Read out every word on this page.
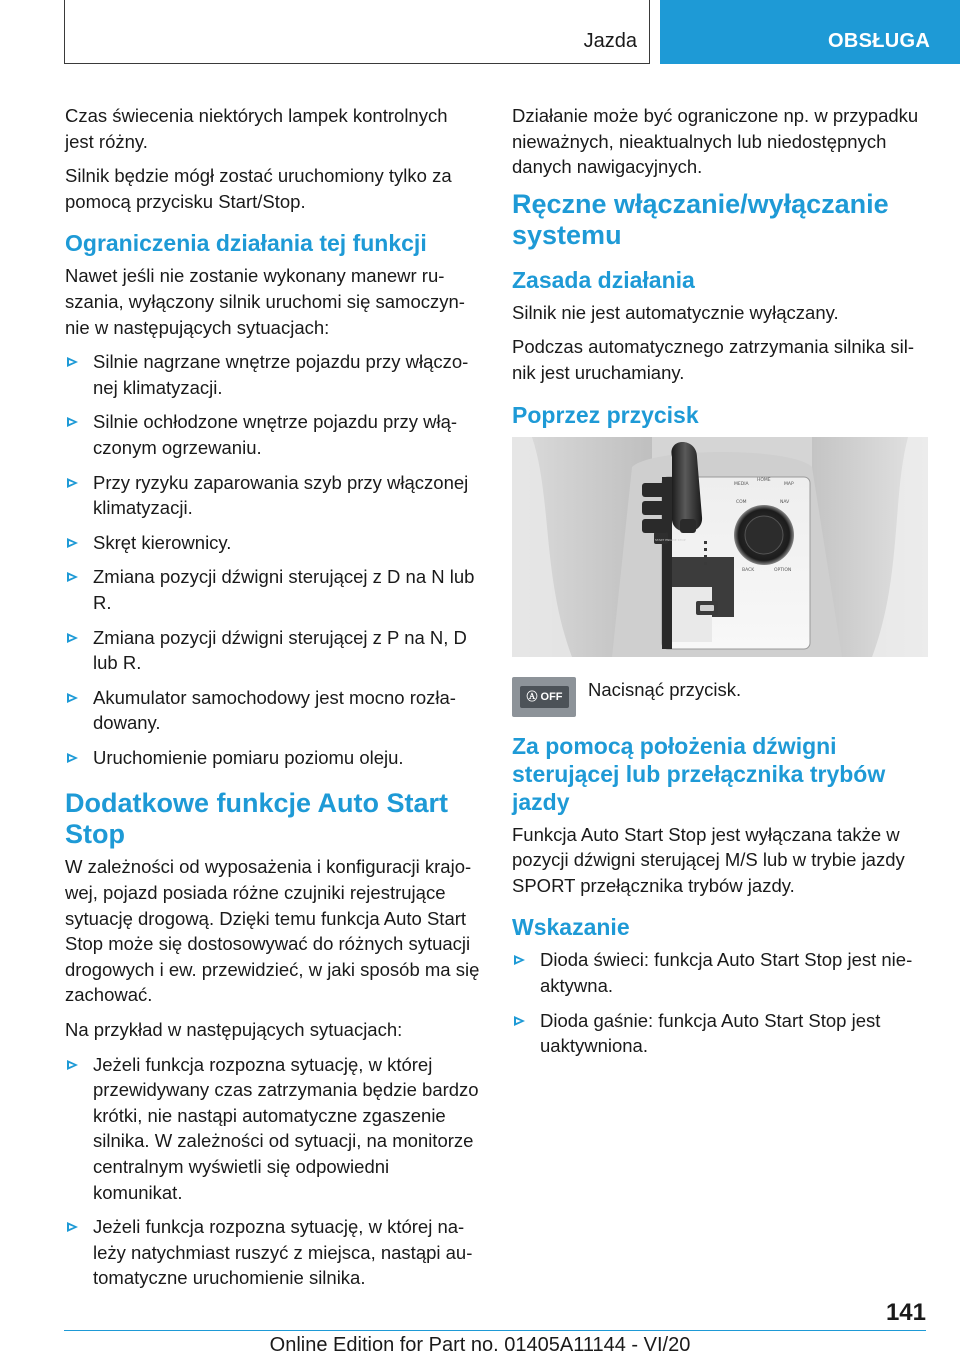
Jazda	OBSŁUGA

Czas świecenia niektórych lampek kontrolnych jest różny.

Silnik będzie mógł zostać uruchomiony tylko za pomocą przycisku Start/Stop.

Ograniczenia działania tej funkcji

Nawet jeśli nie zostanie wykonany manewr ruszania, wyłączony silnik uruchomi się samoczynnie w następujących sytuacjach:

Silnie nagrzane wnętrze pojazdu przy włączonej klimatyzacji.
Silnie ochłodzone wnętrze pojazdu przy włączonym ogrzewaniu.
Przy ryzyku zaparowania szyb przy włączonej klimatyzacji.
Skręt kierownicy.
Zmiana pozycji dźwigni sterującej z D na N lub R.
Zmiana pozycji dźwigni sterującej z P na N, D lub R.
Akumulator samochodowy jest mocno rozładowany.
Uruchomienie pomiaru poziomu oleju.
Dodatkowe funkcje Auto Start Stop

W zależności od wyposażenia i konfiguracji krajowej, pojazd posiada różne czujniki rejestrujące sytuację drogową. Dzięki temu funkcja Auto Start Stop może się dostosowywać do różnych sytuacji drogowych i ew. przewidzieć, w jaki sposób ma się zachować.

Na przykład w następujących sytuacjach:

Jeżeli funkcja rozpozna sytuację, w której przewidywany czas zatrzymania będzie bardzo krótki, nie nastąpi automatyczne zgaszenie silnika. W zależności od sytuacji, na monitorze centralnym wyświetli się odpowiedni komunikat.
Jeżeli funkcja rozpozna sytuację, w której należy natychmiast ruszyć z miejsca, nastąpi automatyczne uruchomienie silnika.

Działanie może być ograniczone np. w przypadku nieważnych, nieaktualnych lub niedostępnych danych nawigacyjnych.

Ręczne włączanie/wyłączanie systemu
Zasada działania

Silnik nie jest automatycznie wyłączany.

Podczas automatycznego zatrzymania silnika silnik jest uruchamiany.

Poprzez przycisk
MEDIA
HOME
MAP
COM	NAV
BACK	OPTION
START ENGINE STOP
Ⓐ OFF	Nacisnąć przycisk.
Za pomocą położenia dźwigni sterującej lub przełącznika trybów jazdy

Funkcja Auto Start Stop jest wyłączana także w pozycji dźwigni sterującej M/S lub w trybie jazdy SPORT przełącznika trybów jazdy.

Wskazanie
Dioda świeci: funkcja Auto Start Stop jest nieaktywna.
Dioda gaśnie: funkcja Auto Start Stop jest uaktywniona.
141
Online Edition for Part no. 01405A11144 - VI/20
